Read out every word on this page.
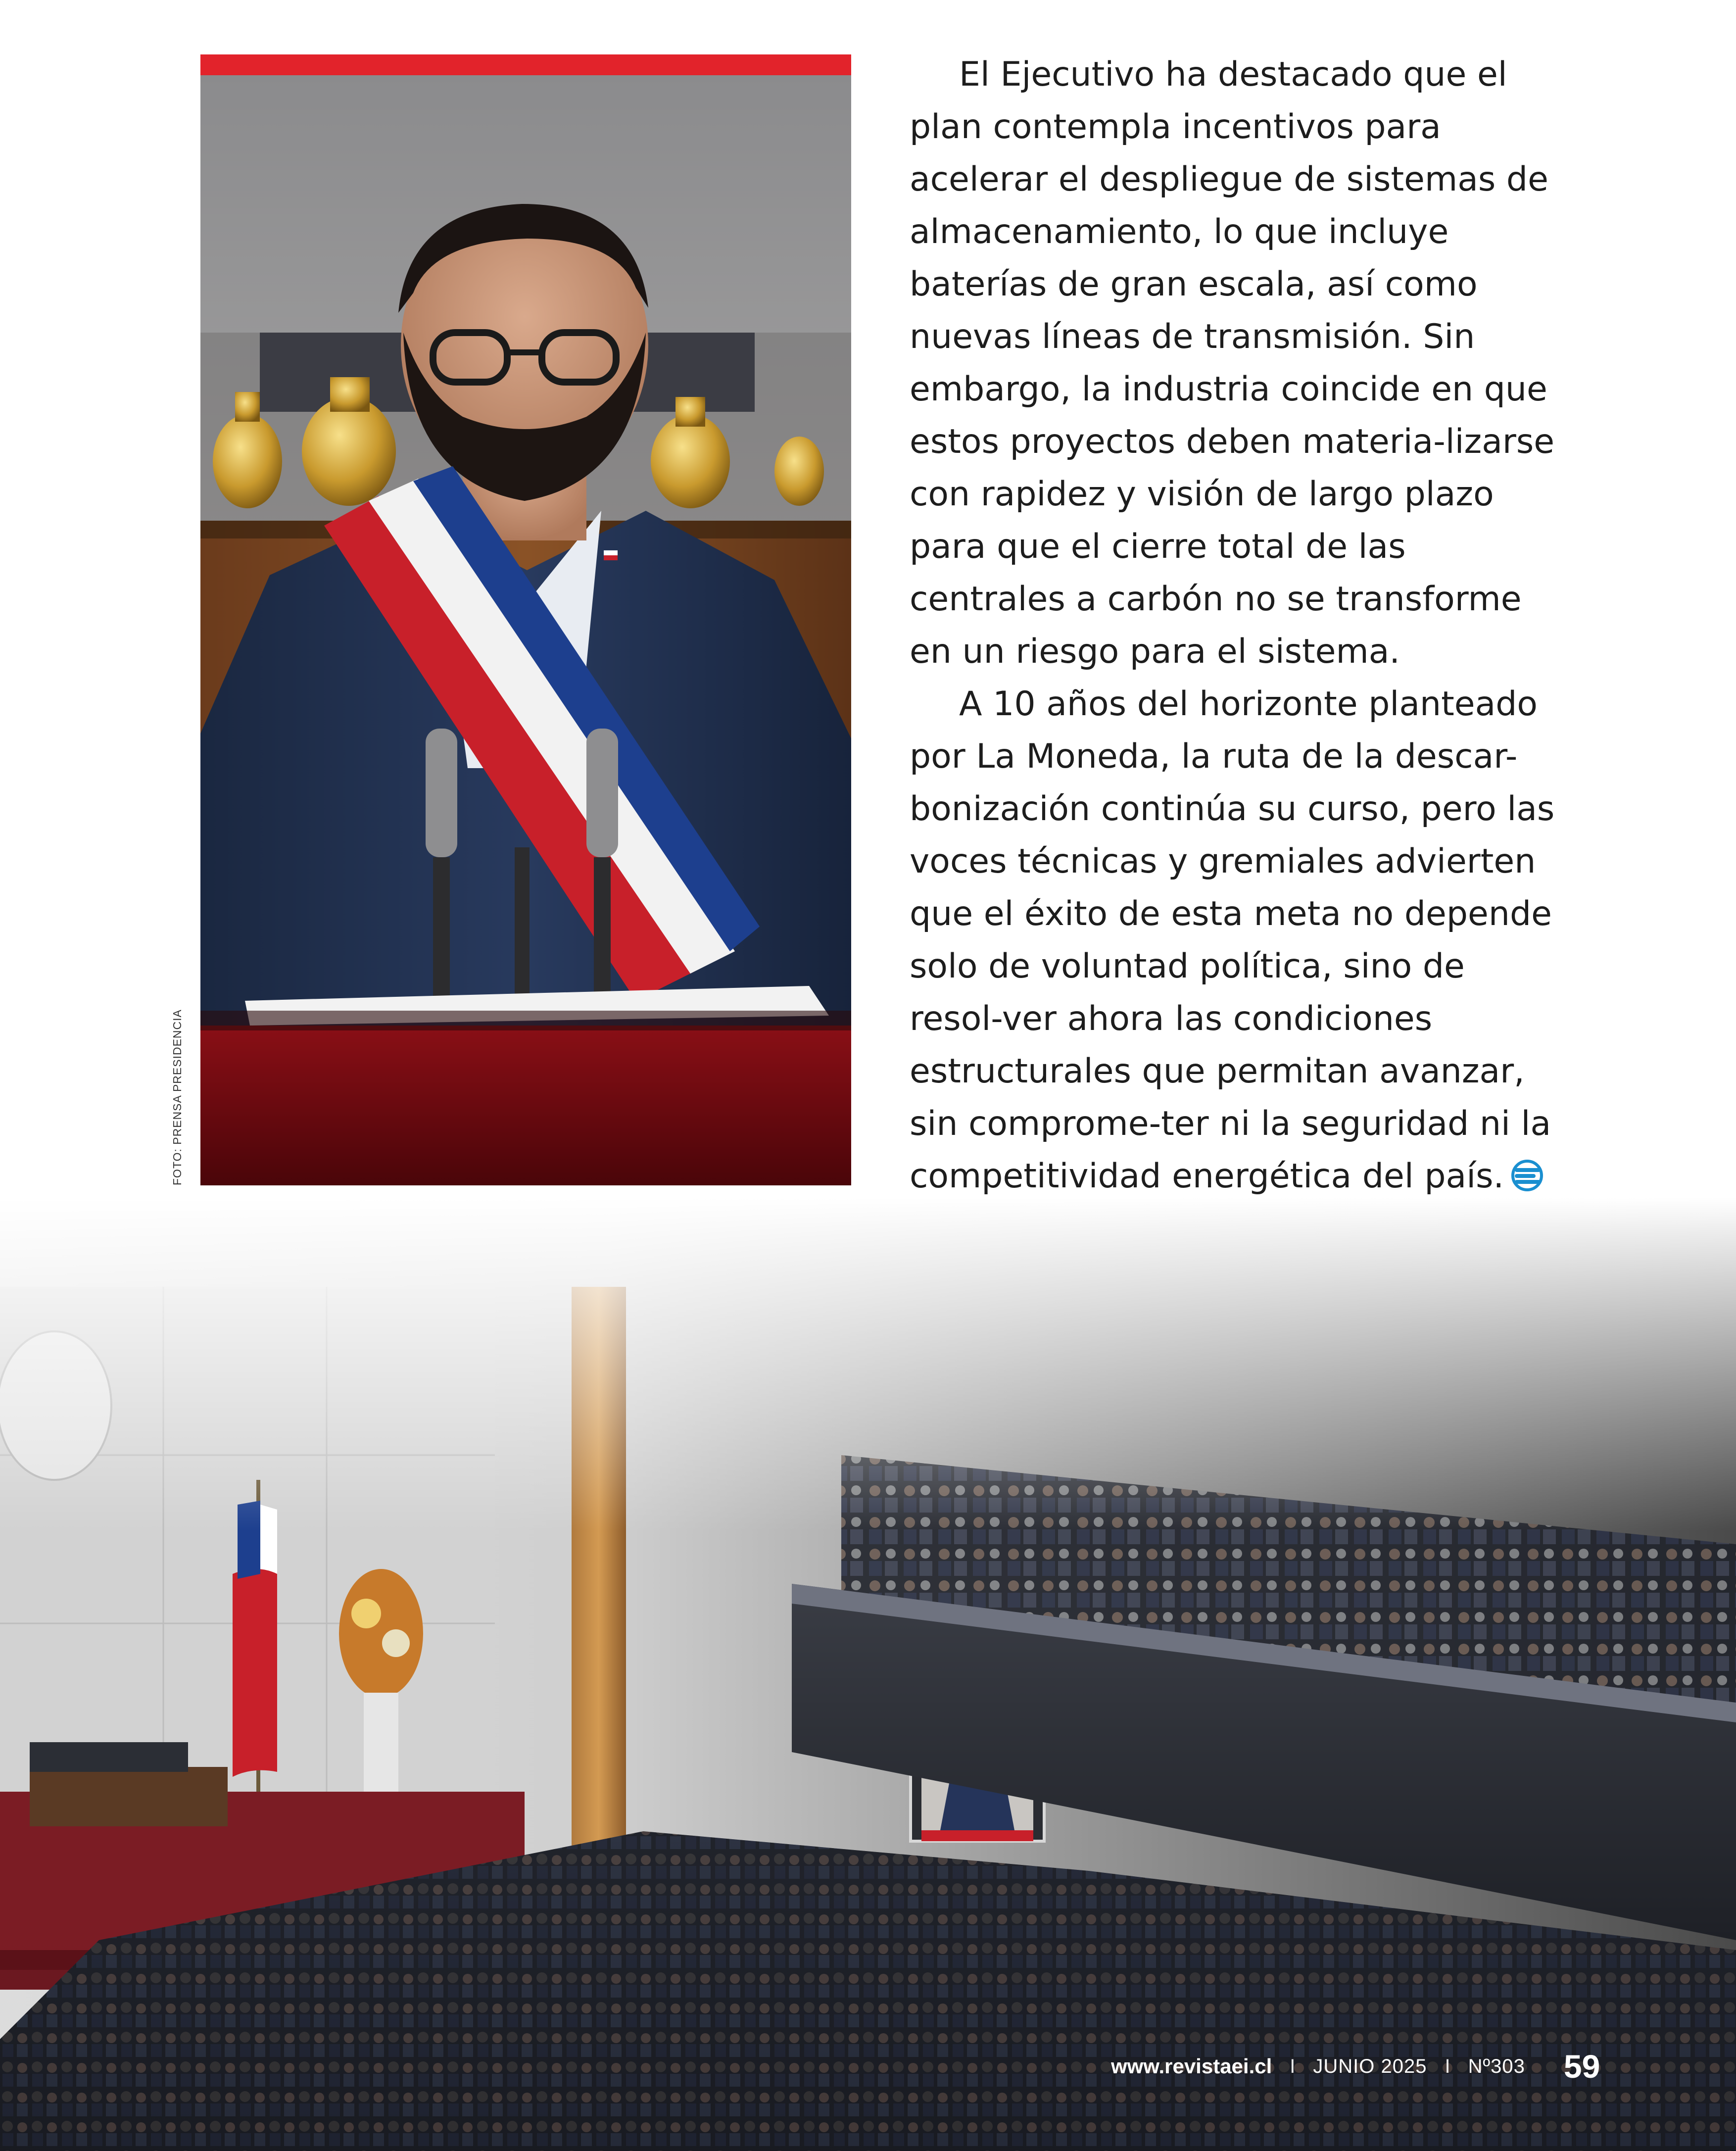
FOTO: PRENSA PRESIDENCIA

El Ejecutivo ha destacado que el plan contempla incentivos para acelerar el despliegue de sistemas de almacenamiento, lo que incluye baterías de gran escala, así como nuevas líneas de transmisión. Sin embargo, la industria coincide en que estos proyectos deben materia-lizarse con rapidez y visión de largo plazo para que el cierre total de las centrales a carbón no se transforme en un riesgo para el sistema.

A 10 años del horizonte planteado por La Moneda, la ruta de la descar-bonización continúa su curso, pero las voces técnicas y gremiales advierten que el éxito de esta meta no depende solo de voluntad política, sino de resol-ver ahora las condiciones estructurales que permitan avanzar, sin comprome-ter ni la seguridad ni la competitividad energética del país.

www.revistaei.cl I JUNIO 2025 I Nº303 59
